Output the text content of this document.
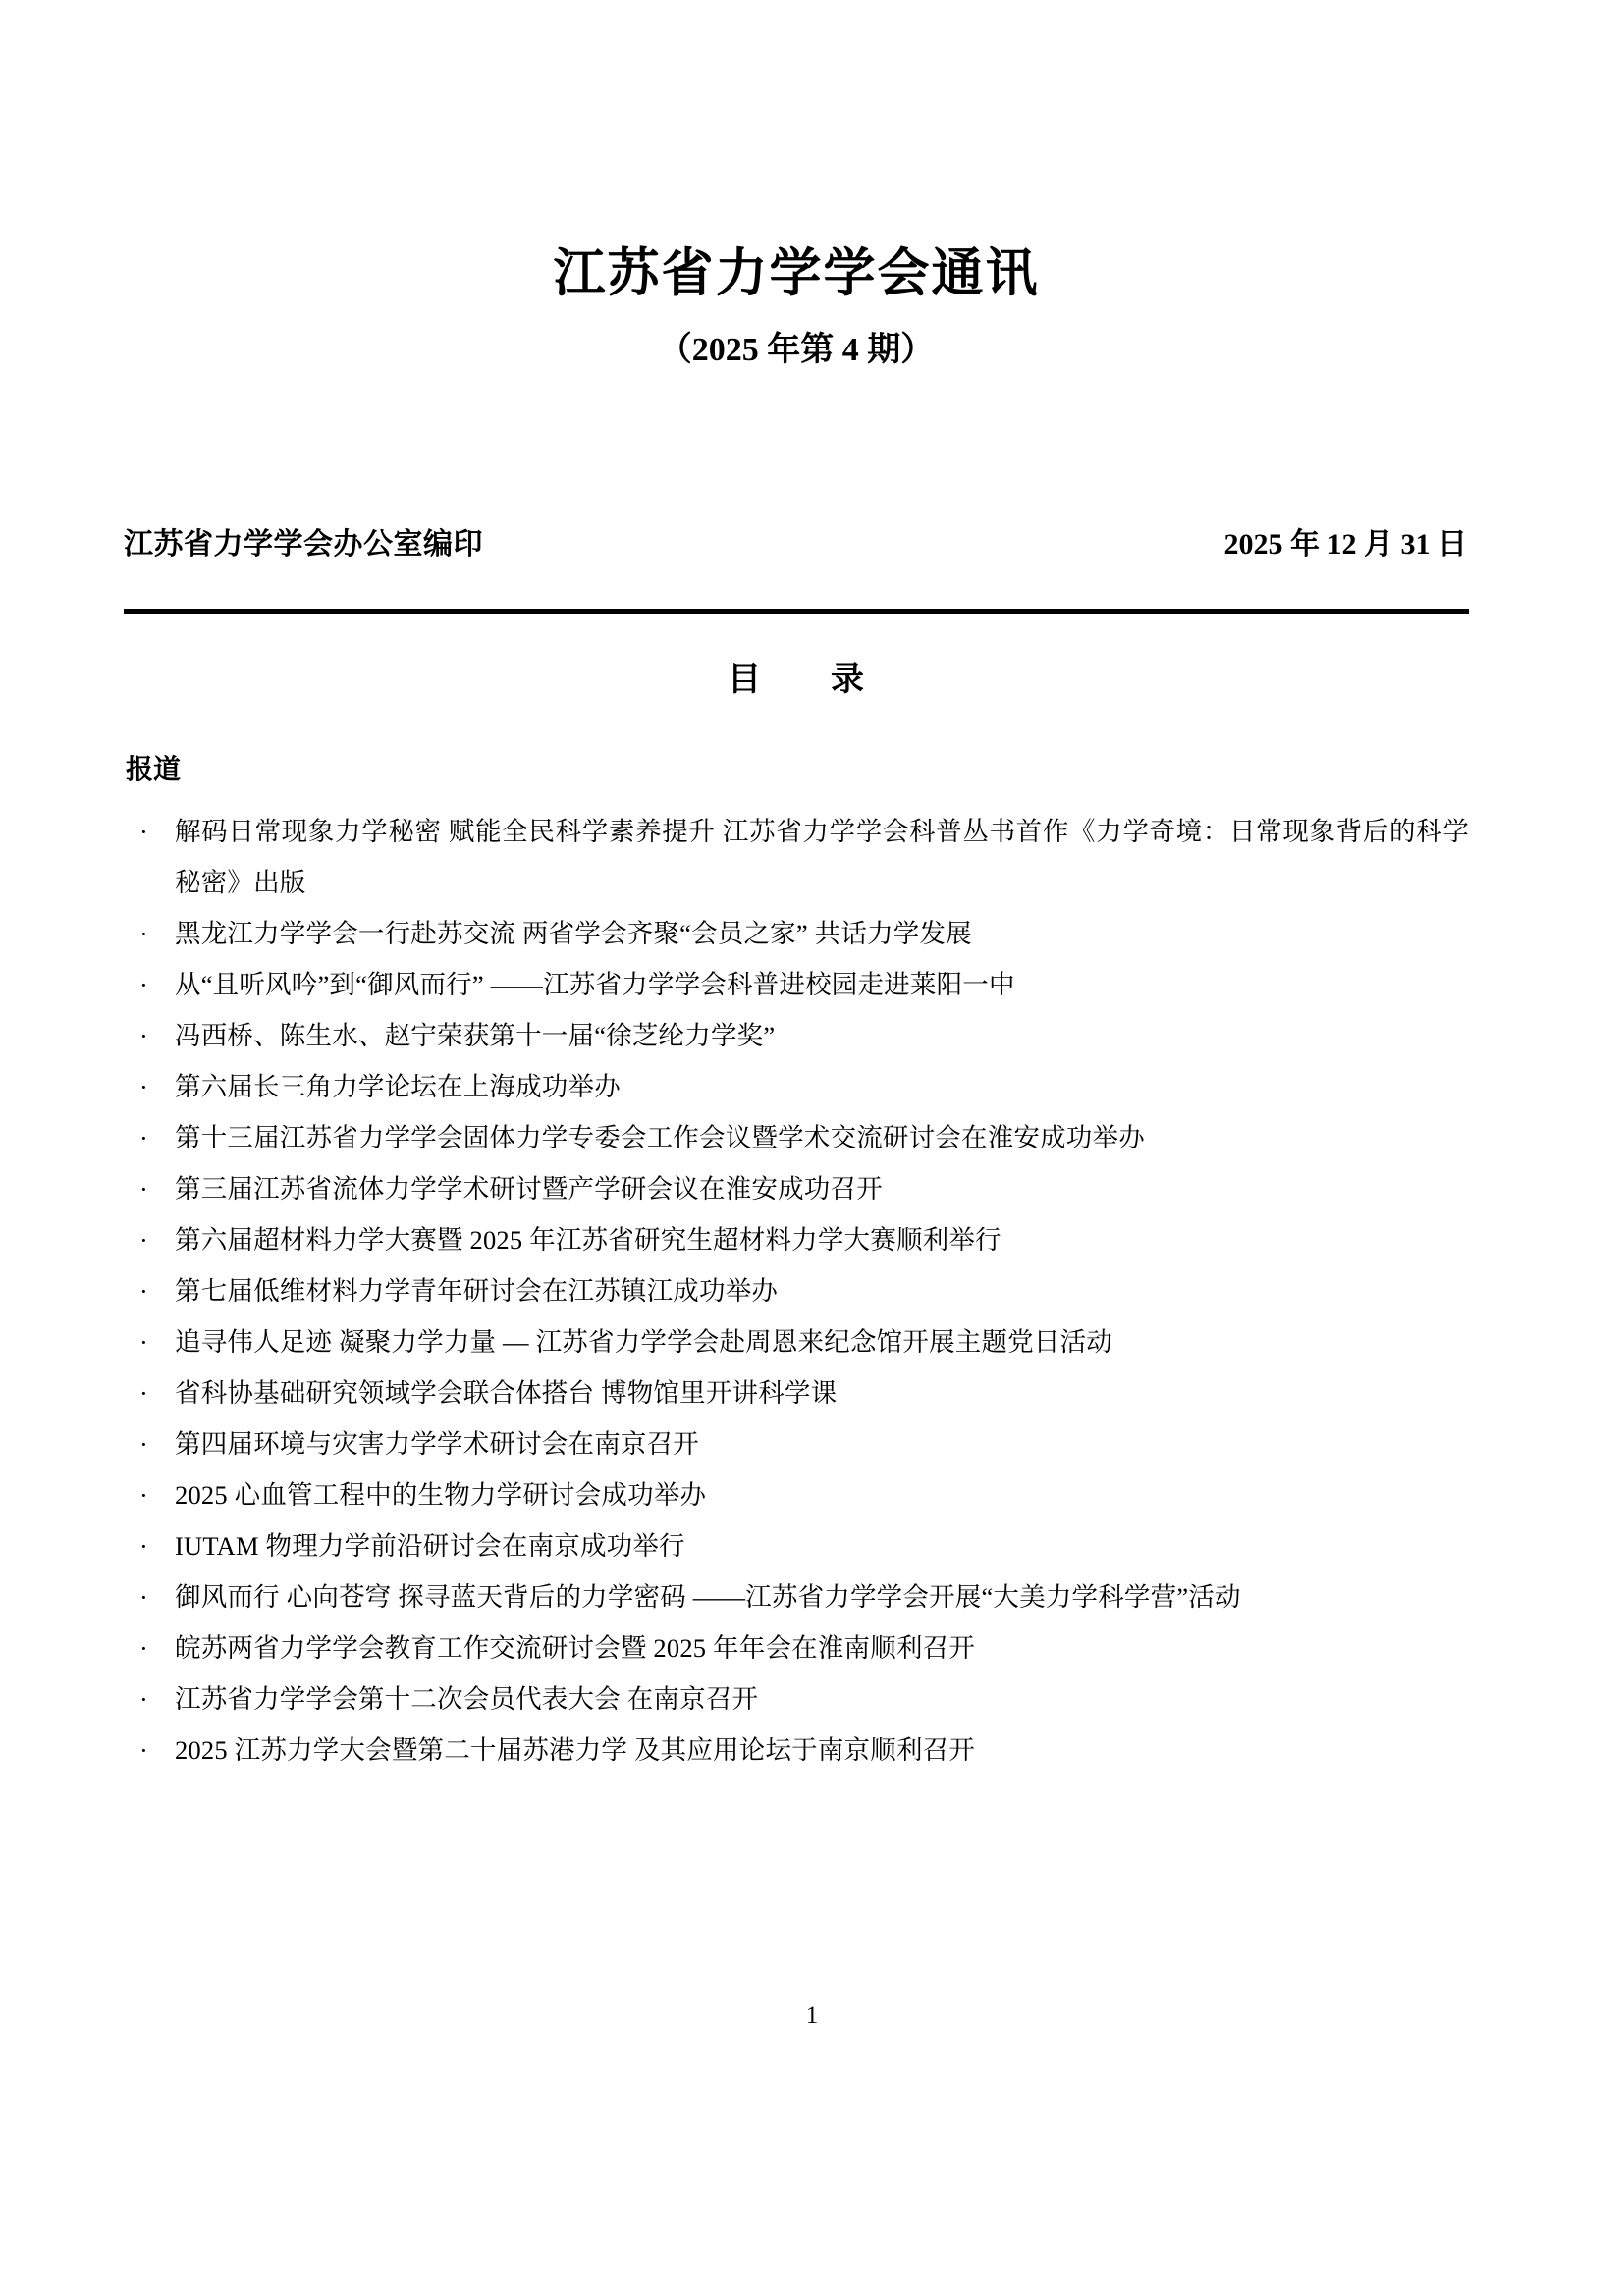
江苏省力学学会通讯
（2025 年第 4 期）
江苏省力学学会办公室编印	2025 年 12 月 31 日
目　　录
报道
· 解码日常现象力学秘密 赋能全民科学素养提升 江苏省力学学会科普丛书首作《力学奇境：日常现象背后的科学秘密》出版
· 黑龙江力学学会一行赴苏交流 两省学会齐聚“会员之家” 共话力学发展
· 从“且听风吟”到“御风而行” ——江苏省力学学会科普进校园走进莱阳一中
· 冯西桥、陈生水、赵宁荣获第十一届“徐芝纶力学奖”
· 第六届长三角力学论坛在上海成功举办
· 第十三届江苏省力学学会固体力学专委会工作会议暨学术交流研讨会在淮安成功举办
· 第三届江苏省流体力学学术研讨暨产学研会议在淮安成功召开
· 第六届超材料力学大赛暨 2025 年江苏省研究生超材料力学大赛顺利举行
· 第七届低维材料力学青年研讨会在江苏镇江成功举办
· 追寻伟人足迹 凝聚力学力量 — 江苏省力学学会赴周恩来纪念馆开展主题党日活动
· 省科协基础研究领域学会联合体搭台 博物馆里开讲科学课
· 第四届环境与灾害力学学术研讨会在南京召开
· 2025 心血管工程中的生物力学研讨会成功举办
· IUTAM 物理力学前沿研讨会在南京成功举行
· 御风而行 心向苍穹 探寻蓝天背后的力学密码 ——江苏省力学学会开展“大美力学科学营”活动
· 皖苏两省力学学会教育工作交流研讨会暨 2025 年年会在淮南顺利召开
· 江苏省力学学会第十二次会员代表大会 在南京召开
· 2025 江苏力学大会暨第二十届苏港力学 及其应用论坛于南京顺利召开
1
